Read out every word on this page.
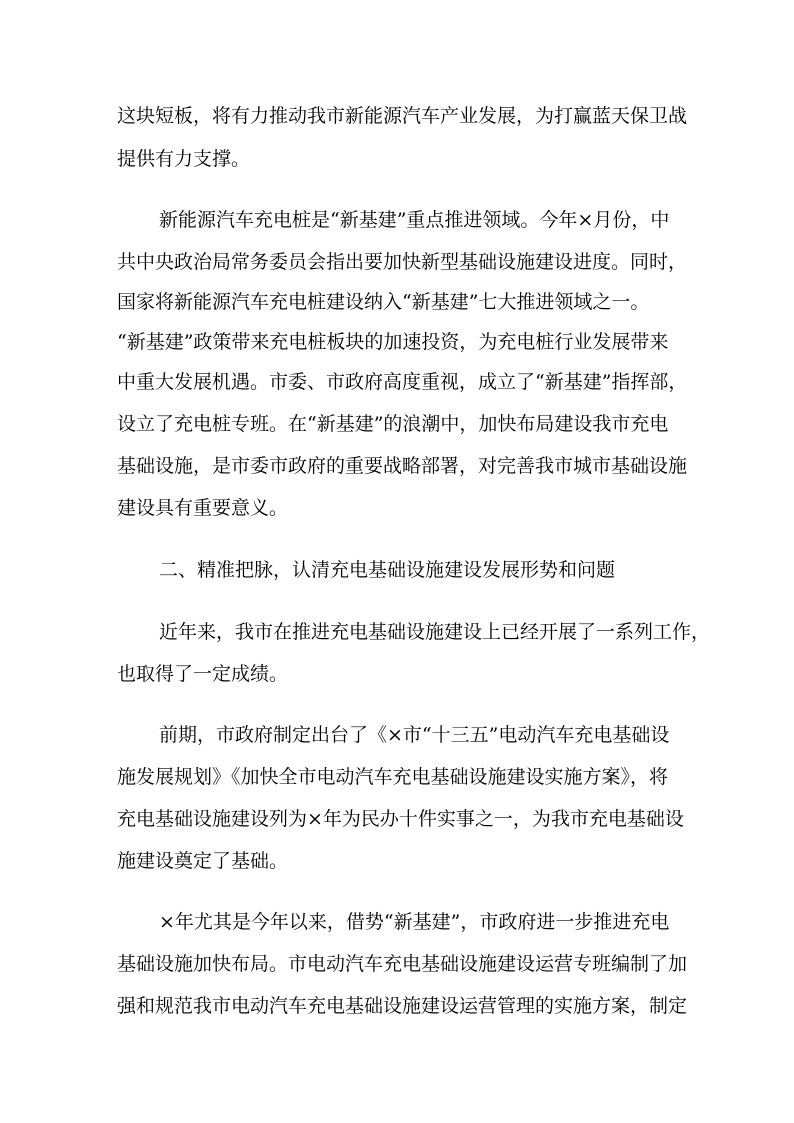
这块短板，将有力推动我市新能源汽车产业发展，为打赢蓝天保卫战

提供有力支撑。

新能源汽车充电桩是“新基建”重点推进领域。今年×月份，中

共中央政治局常务委员会指出要加快新型基础设施建设进度。同时，

国家将新能源汽车充电桩建设纳入“新基建”七大推进领域之一。

“新基建”政策带来充电桩板块的加速投资，为充电桩行业发展带来

中重大发展机遇。市委、市政府高度重视，成立了“新基建”指挥部，

设立了充电桩专班。在“新基建”的浪潮中，加快布局建设我市充电

基础设施，是市委市政府的重要战略部署，对完善我市城市基础设施

建设具有重要意义。

二、精准把脉，认清充电基础设施建设发展形势和问题

近年来，我市在推进充电基础设施建设上已经开展了一系列工作，

也取得了一定成绩。

前期，市政府制定出台了《×市“十三五”电动汽车充电基础设

施发展规划》《加快全市电动汽车充电基础设施建设实施方案》，将

充电基础设施建设列为×年为民办十件实事之一，为我市充电基础设

施建设奠定了基础。

×年尤其是今年以来，借势“新基建”，市政府进一步推进充电

基础设施加快布局。市电动汽车充电基础设施建设运营专班编制了加

强和规范我市电动汽车充电基础设施建设运营管理的实施方案，制定
